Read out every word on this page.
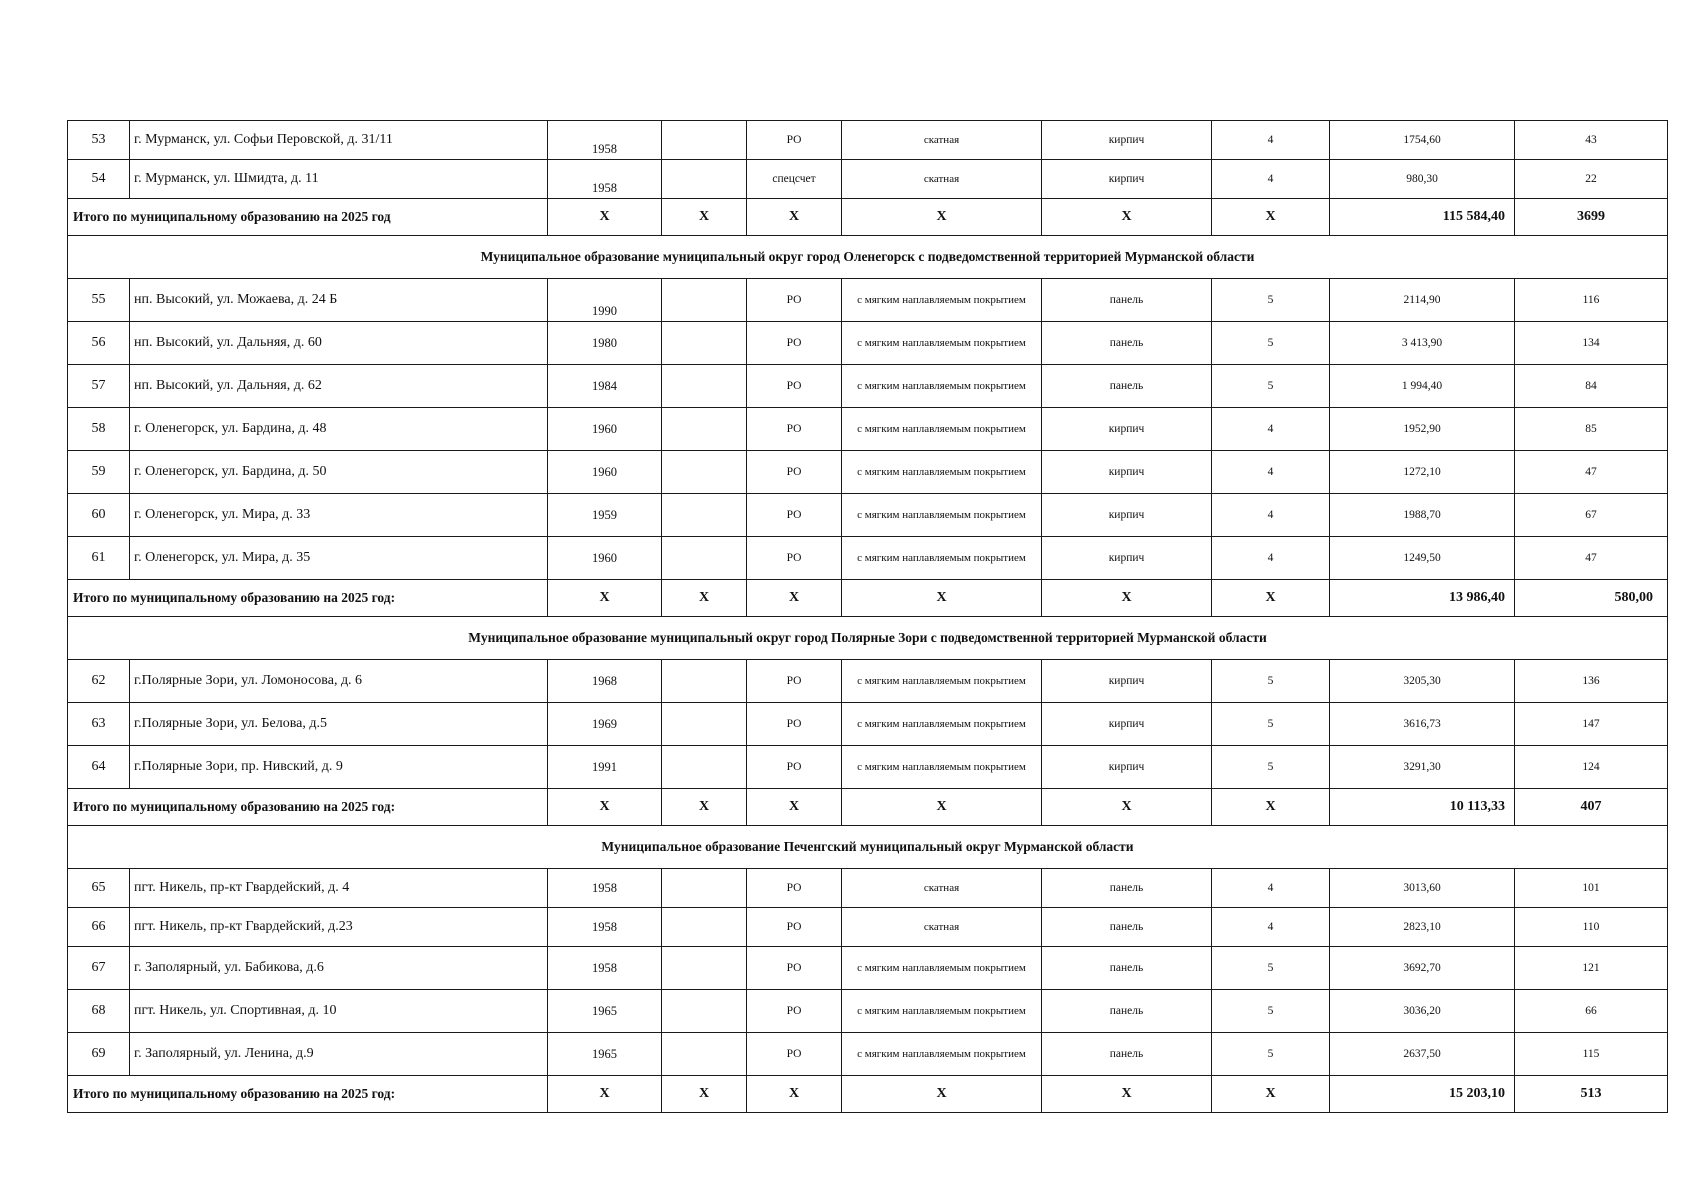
53	г. Мурманск, ул. Софьи Перовской, д. 31/11	1958		РО	скатная	кирпич	4	1754,60	43
54	г. Мурманск, ул. Шмидта, д. 11	1958		спецсчет	скатная	кирпич	4	980,30	22
Итого по муниципальному образованию на 2025 год		X	X	X	X	X	X	115 584,40	3699
Муниципальное образование муниципальный округ город Оленегорск с подведомственной территорией Мурманской области									
55	нп. Высокий, ул. Можаева, д. 24 Б	1990		РО	с мягким наплавляемым покрытием	панель	5	2114,90	116
56	нп. Высокий, ул. Дальняя, д. 60	1980		РО	с мягким наплавляемым покрытием	панель	5	3 413,90	134
57	нп. Высокий, ул. Дальняя, д. 62	1984		РО	с мягким наплавляемым покрытием	панель	5	1 994,40	84
58	г. Оленегорск, ул. Бардина, д. 48	1960		РО	с мягким наплавляемым покрытием	кирпич	4	1952,90	85
59	г. Оленегорск, ул. Бардина, д. 50	1960		РО	с мягким наплавляемым покрытием	кирпич	4	1272,10	47
60	г. Оленегорск, ул. Мира, д. 33	1959		РО	с мягким наплавляемым покрытием	кирпич	4	1988,70	67
61	г. Оленегорск, ул. Мира, д. 35	1960		РО	с мягким наплавляемым покрытием	кирпич	4	1249,50	47
Итого по муниципальному образованию на 2025 год:		X	X	X	X	X	X	13 986,40	580,00
Муниципальное образование муниципальный округ город Полярные Зори с подведомственной территорией Мурманской области									
62	г.Полярные Зори, ул. Ломоносова, д. 6	1968		РО	с мягким наплавляемым покрытием	кирпич	5	3205,30	136
63	г.Полярные Зори, ул. Белова, д.5	1969		РО	с мягким наплавляемым покрытием	кирпич	5	3616,73	147
64	г.Полярные Зори, пр. Нивский, д. 9	1991		РО	с мягким наплавляемым покрытием	кирпич	5	3291,30	124
Итого по муниципальному образованию на 2025 год:		X	X	X	X	X	X	10 113,33	407
Муниципальное образование Печенгский муниципальный округ Мурманской области									
65	пгт. Никель, пр-кт Гвардейский, д. 4	1958		РО	скатная	панель	4	3013,60	101
66	пгт. Никель, пр-кт Гвардейский, д.23	1958		РО	скатная	панель	4	2823,10	110
67	г. Заполярный, ул. Бабикова, д.6	1958		РО	с мягким наплавляемым покрытием	панель	5	3692,70	121
68	пгт. Никель, ул. Спортивная, д. 10	1965		РО	с мягким наплавляемым покрытием	панель	5	3036,20	66
69	г. Заполярный, ул. Ленина, д.9	1965		РО	с мягким наплавляемым покрытием	панель	5	2637,50	115
Итого по муниципальному образованию на 2025 год:		X	X	X	X	X	X	15 203,10	513
